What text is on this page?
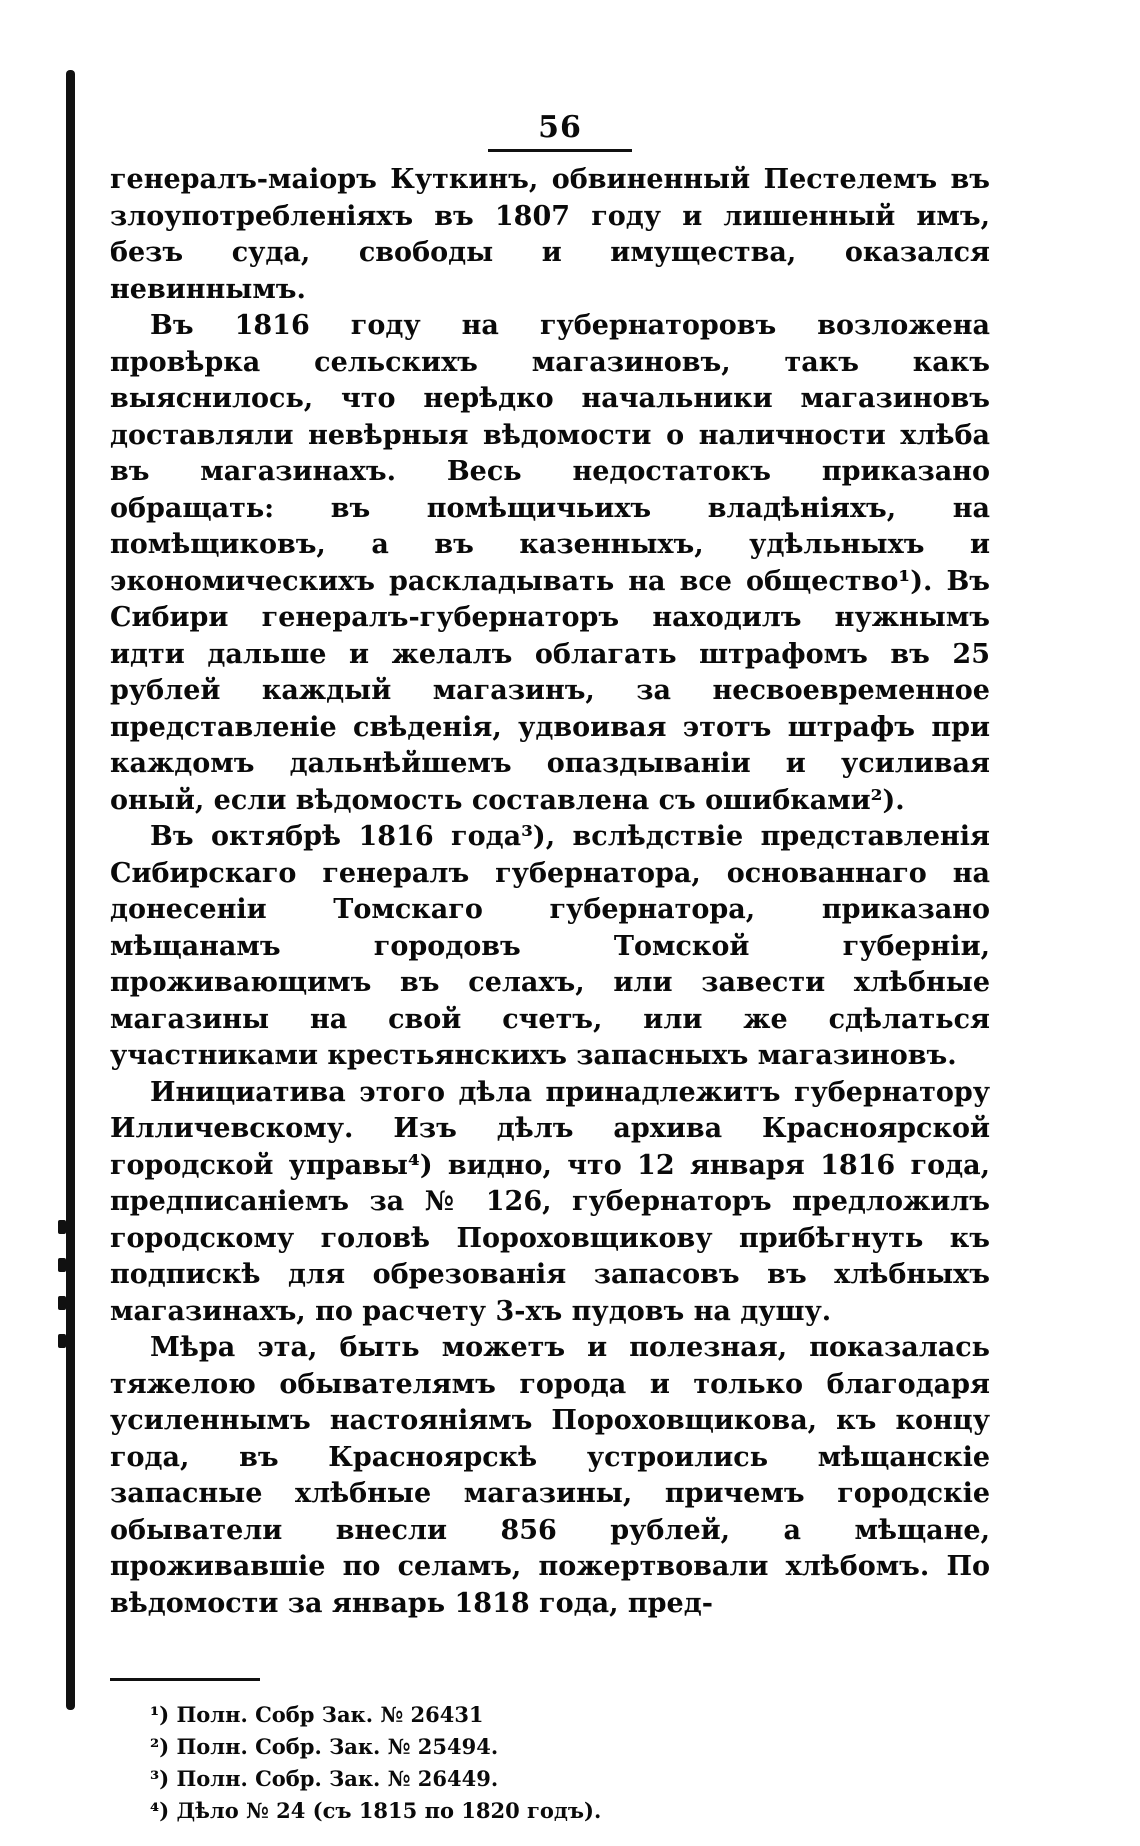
56

генералъ-маіоръ Куткинъ, обвиненный Пестелемъ въ злоупотребленіяхъ въ 1807 году и лишенный имъ, безъ суда, свободы и имущества, оказался невиннымъ.

Въ 1816 году на губернаторовъ возложена провѣрка сельскихъ магазиновъ, такъ какъ выяснилось, что нерѣдко начальники магазиновъ доставляли невѣрныя вѣдомости о наличности хлѣба въ магазинахъ. Весь недостатокъ приказано обращать: въ помѣщичьихъ владѣніяхъ, на помѣщиковъ, а въ казенныхъ, удѣльныхъ и экономическихъ раскладывать на все общество¹). Въ Сибири генералъ-губернаторъ находилъ нужнымъ идти дальше и желалъ облагать штрафомъ въ 25 рублей каждый магазинъ, за несвоевременное представленіе свѣденія, удвоивая этотъ штрафъ при каждомъ дальнѣйшемъ опаздываніи и усиливая оный, если вѣдомость составлена съ ошибками²).

Въ октябрѣ 1816 года³), вслѣдствіе представленія Сибирскаго генералъ губернатора, основаннаго на донесеніи Томскаго губернатора, приказано мѣщанамъ городовъ Томской губерніи, проживающимъ въ селахъ, или завести хлѣбные магазины на свой счетъ, или же сдѣлаться участниками крестьянскихъ запасныхъ магазиновъ.

Инициатива этого дѣла принадлежитъ губернатору Илличевскому. Изъ дѣлъ архива Красноярской городской управы⁴) видно, что 12 января 1816 года, предписаніемъ за № 126, губернаторъ предложилъ городскому головѣ Пороховщикову прибѣгнуть къ подпискѣ для обрезованія запасовъ въ хлѣбныхъ магазинахъ, по расчету 3-хъ пудовъ на душу.

Мѣра эта, быть можетъ и полезная, показалась тяжелою обывателямъ города и только благодаря усиленнымъ настояніямъ Пороховщикова, къ концу года, въ Красноярскѣ устроились мѣщанскіе запасные хлѣбные магазины, причемъ городскіе обыватели внесли 856 рублей, а мѣщане, проживавшіе по селамъ, пожертвовали хлѣбомъ. По вѣдомости за январь 1818 года, пред-

¹) Полн. Собр Зак. № 26431
²) Полн. Собр. Зак. № 25494.
³) Полн. Собр. Зак. № 26449.
⁴) Дѣло № 24 (съ 1815 по 1820 годъ).
